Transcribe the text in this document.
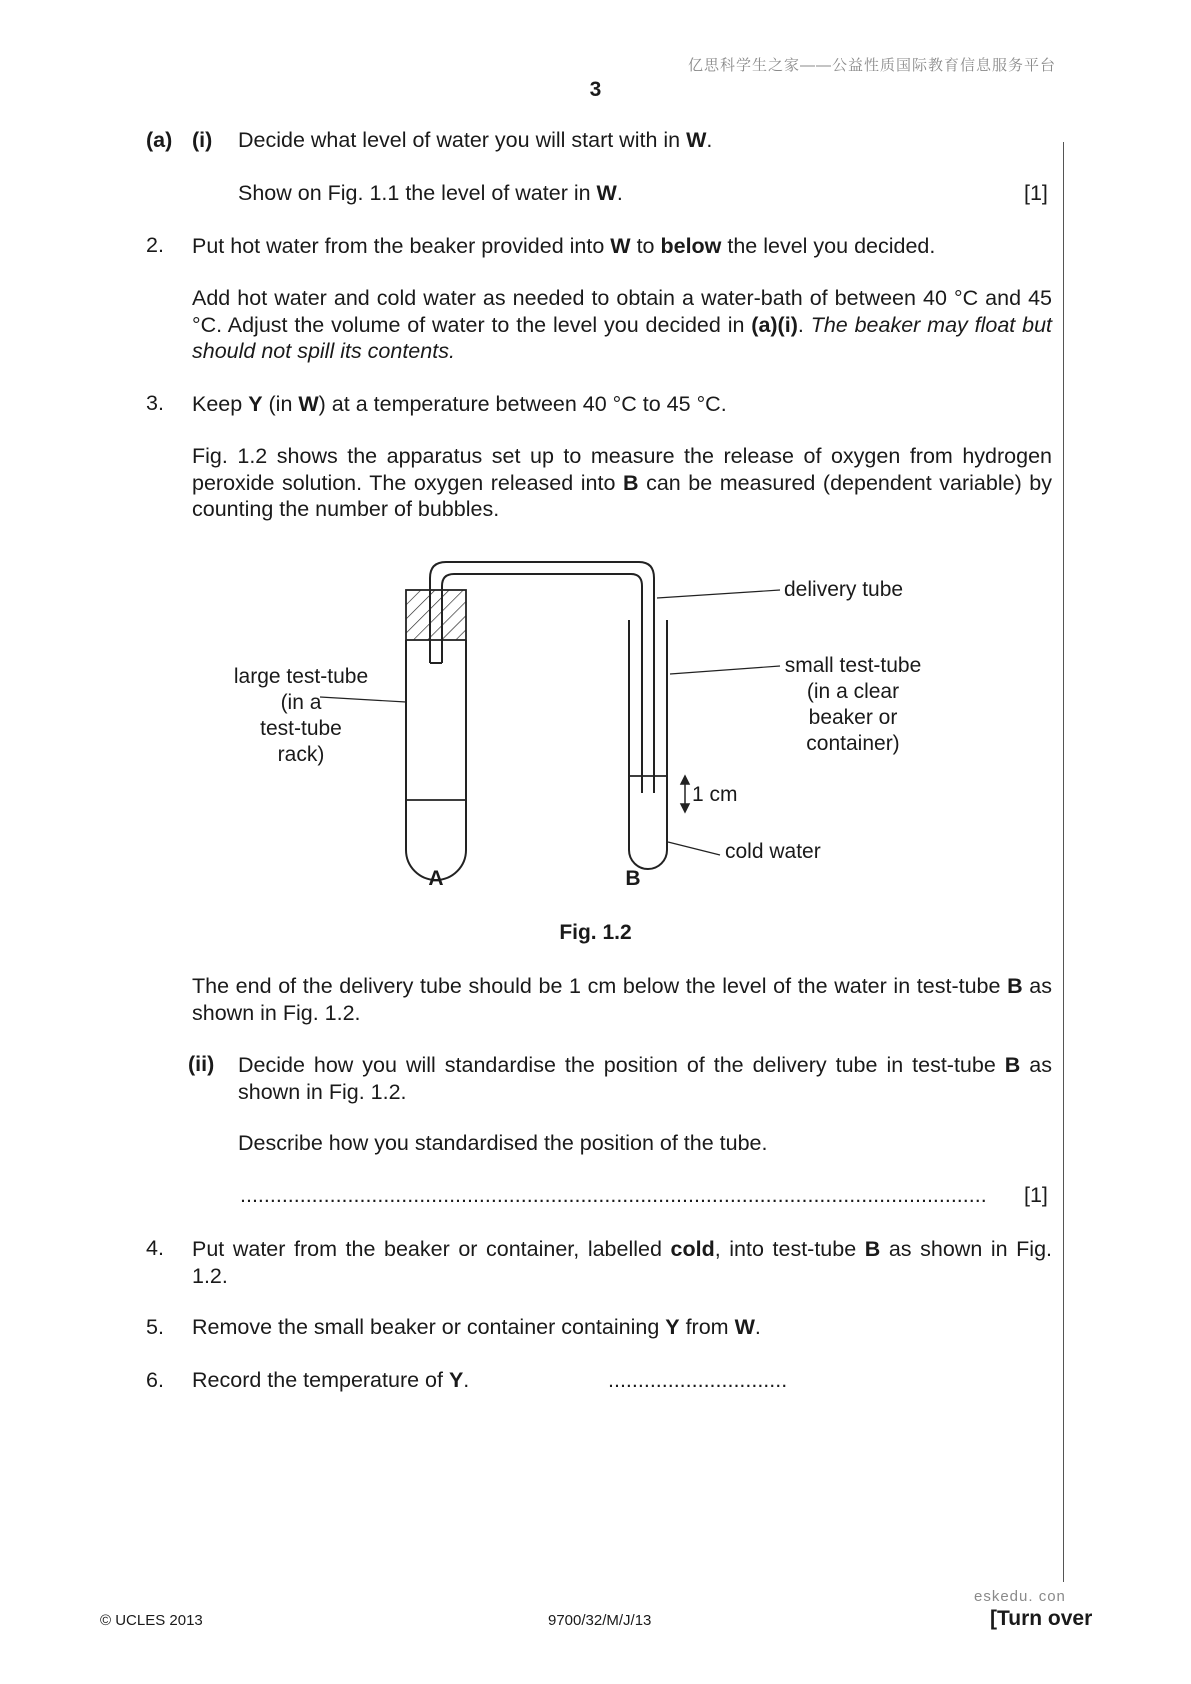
亿思科学生之家——公益性质国际教育信息服务平台
3
(a) (i) Decide what level of water you will start with in W.
Show on Fig. 1.1 the level of water in W.	[1]
2. Put hot water from the beaker provided into W to below the level you decided.
Add hot water and cold water as needed to obtain a water-bath of between 40 °C and 45 °C. Adjust the volume of water to the level you decided in (a)(i). The beaker may float but should not spill its contents.
3. Keep Y (in W) at a temperature between 40 °C to 45 °C.
Fig. 1.2 shows the apparatus set up to measure the release of oxygen from hydrogen peroxide solution. The oxygen released into B can be measured (dependent variable) by counting the number of bubbles.
delivery tube
small test-tube
(in a clear
beaker or
container)
large test-tube
(in a
test-tube
rack)
1 cm
cold water
A	B
Fig. 1.2
The end of the delivery tube should be 1 cm below the level of the water in test-tube B as shown in Fig. 1.2.
(ii) Decide how you will standardise the position of the delivery tube in test-tube B as shown in Fig. 1.2.
Describe how you standardised the position of the tube.
.............................................................................................................................	[1]
4. Put water from the beaker or container, labelled cold, into test-tube B as shown in Fig. 1.2.
5. Remove the small beaker or container containing Y from W.
6. Record the temperature of Y.	..............................
eskedu. con
© UCLES 2013	9700/32/M/J/13	[Turn over
